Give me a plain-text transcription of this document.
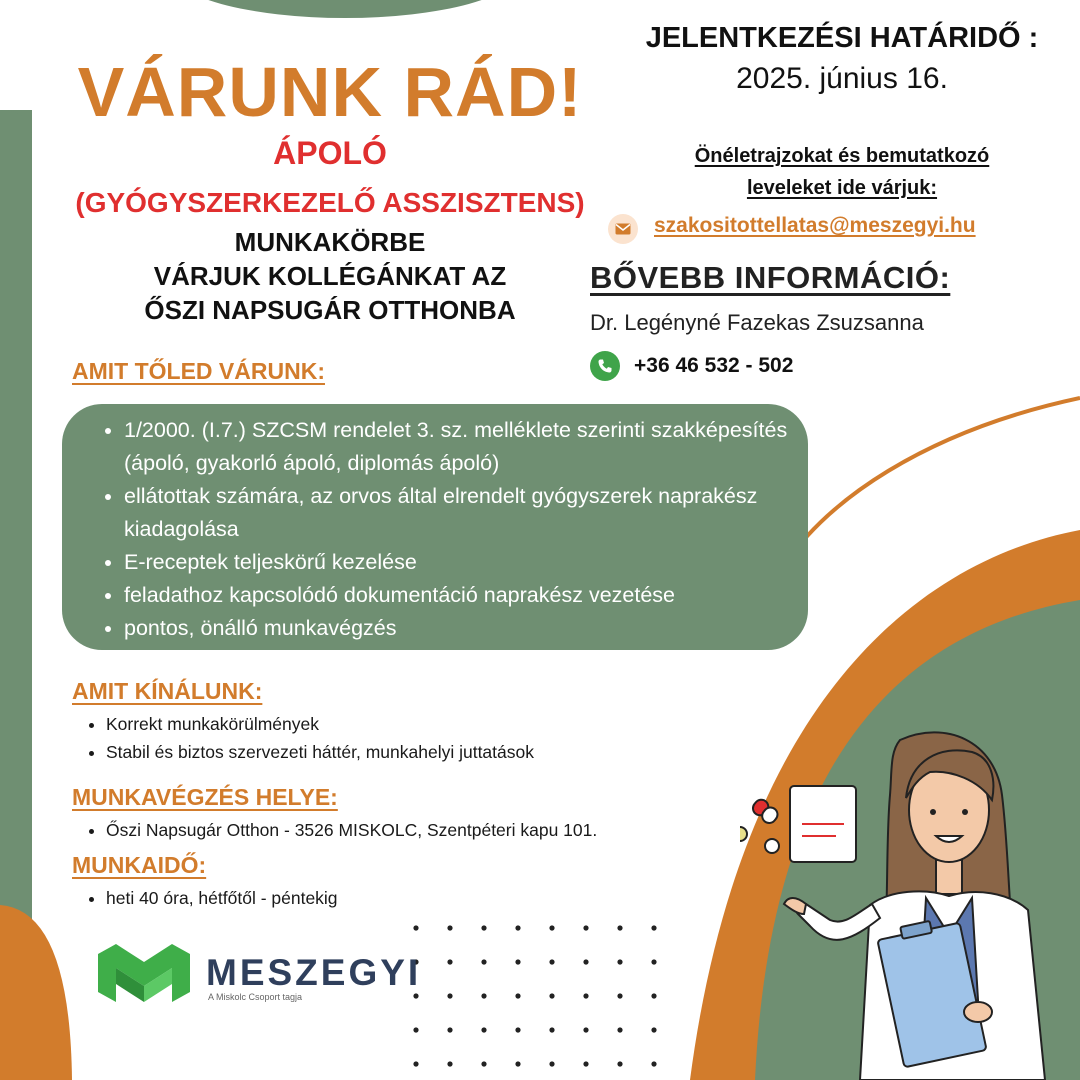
VÁRUNK RÁD!
ÁPOLÓ
(GYÓGYSZERKEZELŐ ASSZISZTENS)
MUNKAKÖRBE
VÁRJUK KOLLÉGÁNKAT AZ
ŐSZI NAPSUGÁR OTTHONBA
AMIT TŐLED VÁRUNK:
• 1/2000. (I.7.) SZCSM rendelet 3. sz. melléklete szerinti szakképesítés (ápoló, gyakorló ápoló, diplomás ápoló)
• ellátottak számára, az orvos által elrendelt gyógyszerek naprakész kiadagolása
• E-receptek teljeskörű kezelése
• feladathoz kapcsolódó dokumentáció naprakész vezetése
• pontos, önálló munkavégzés
AMIT KÍNÁLUNK:
• Korrekt munkakörülmények
• Stabil és biztos szervezeti háttér, munkahelyi juttatások
MUNKAVÉGZÉS HELYE:
• Őszi Napsugár Otthon - 3526 MISKOLC, Szentpéteri kapu 101.
MUNKAIDŐ:
• heti 40 óra, hétfőtől - péntekig
MESZEGYI
A Miskolc Csoport tagja
JELENTKEZÉSI HATÁRIDŐ :
2025. június 16.
Önéletrajzokat és bemutatkozó
leveleket ide várjuk:
szakositottellatas@meszegyi.hu
BŐVEBB INFORMÁCIÓ:
Dr. Legényné Fazekas Zsuzsanna
+36 46 532 - 502
